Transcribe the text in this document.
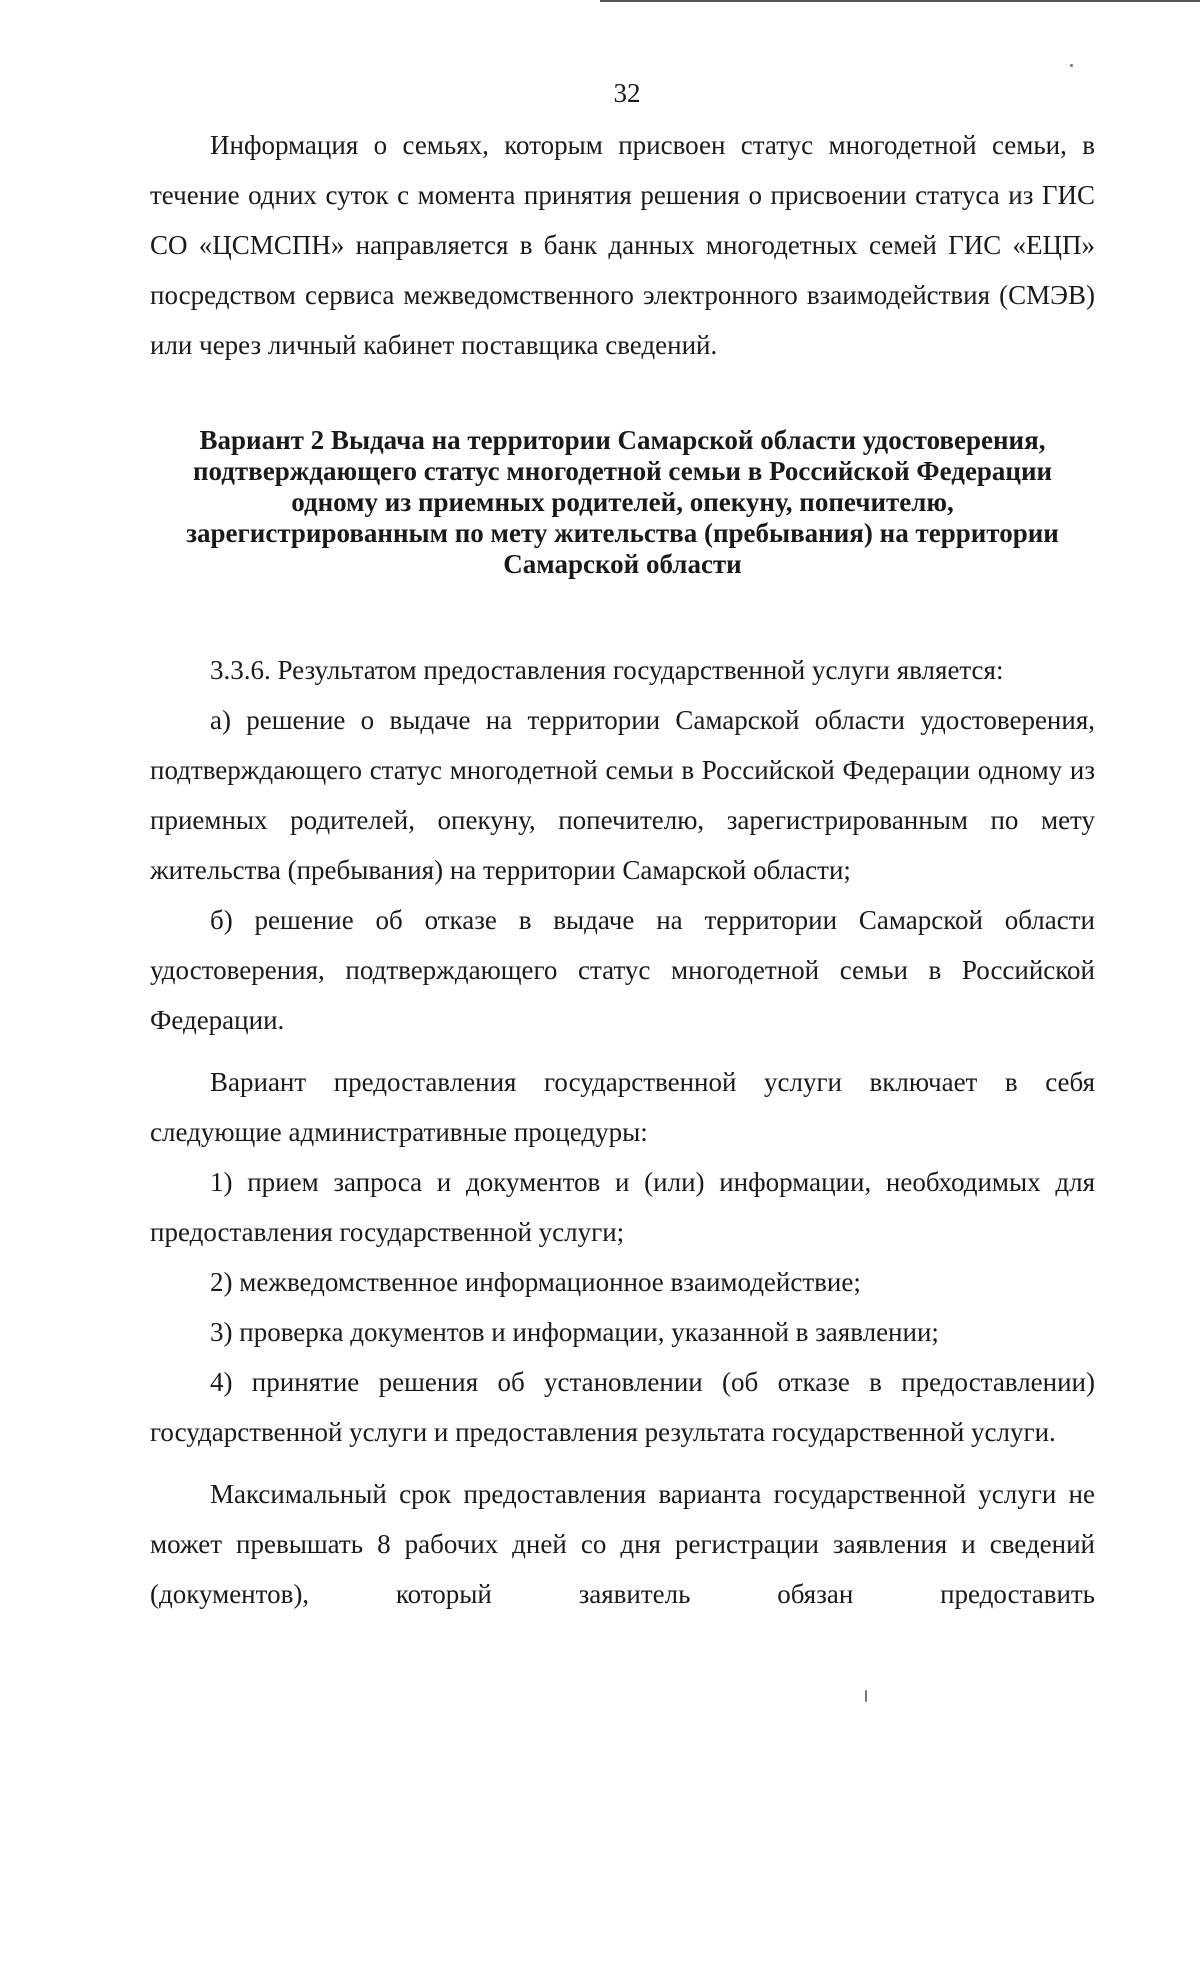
32

Информация о семьях, которым присвоен статус многодетной семьи, в течение одних суток с момента принятия решения о присвоении статуса из ГИС СО «ЦСМСПН» направляется в банк данных многодетных семей ГИС «ЕЦП» посредством сервиса межведомственного электронного взаимодействия (СМЭВ) или через личный кабинет поставщика сведений.

Вариант 2 Выдача на территории Самарской области удостоверения,
подтверждающего статус многодетной семьи в Российской Федерации
одному из приемных родителей, опекуну, попечителю,
зарегистрированным по мету жительства (пребывания) на территории
Самарской области

3.3.6. Результатом предоставления государственной услуги является:

а) решение о выдаче на территории Самарской области удостоверения, подтверждающего статус многодетной семьи в Российской Федерации одному из приемных родителей, опекуну, попечителю, зарегистрированным по мету жительства (пребывания) на территории Самарской области;

б) решение об отказе в выдаче на территории Самарской области удостоверения, подтверждающего статус многодетной семьи в Российской Федерации.

Вариант предоставления государственной услуги включает в себя следующие административные процедуры:

1) прием запроса и документов и (или) информации, необходимых для предоставления государственной услуги;

2) межведомственное информационное взаимодействие;

3) проверка документов и информации, указанной в заявлении;

4) принятие решения об установлении (об отказе в предоставлении) государственной услуги и предоставления результата государственной услуги.

Максимальный срок предоставления варианта государственной услуги не может превышать 8 рабочих дней со дня регистрации заявления и сведений (документов), который заявитель обязан предоставить
